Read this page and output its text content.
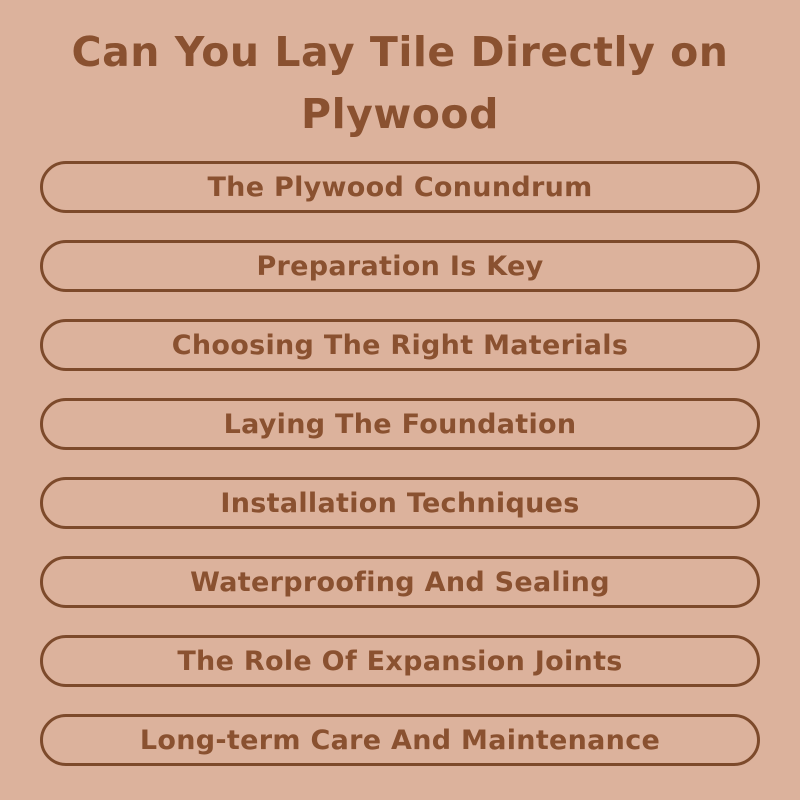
Can You Lay Tile Directly on
Plywood
The Plywood Conundrum
Preparation Is Key
Choosing The Right Materials
Laying The Foundation
Installation Techniques
Waterproofing And Sealing
The Role Of Expansion Joints
Long-term Care And Maintenance
